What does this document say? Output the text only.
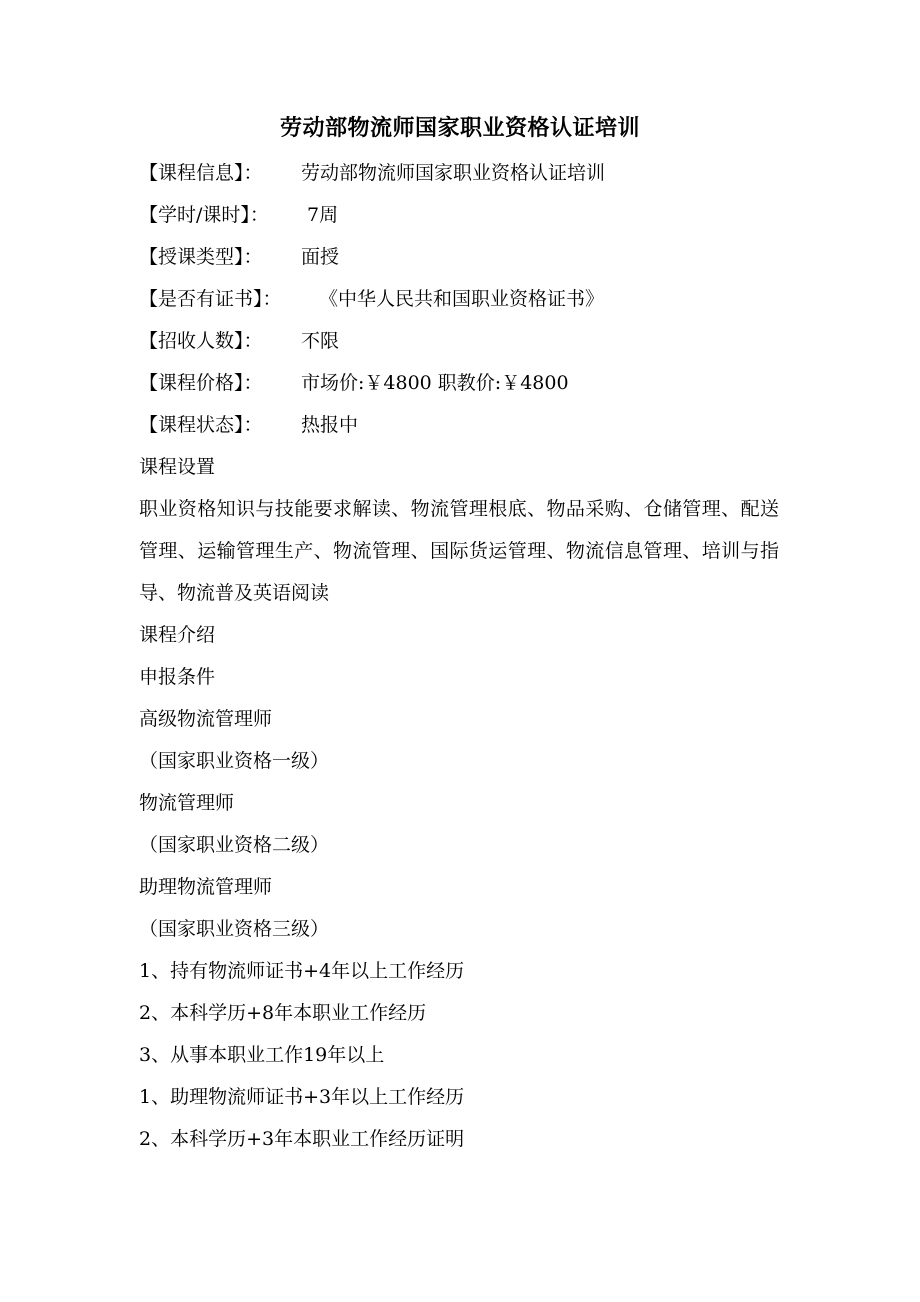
劳动部物流师国家职业资格认证培训
【课程信息】： 劳动部物流师国家职业资格认证培训
【学时/课时】： 7周
【授课类型】： 面授
【是否有证书】： 《中华人民共和国职业资格证书》
【招收人数】： 不限
【课程价格】： 市场价:￥4800 职教价:￥4800
【课程状态】： 热报中
课程设置
职业资格知识与技能要求解读、物流管理根底、物品采购、仓储管理、配送管理、运输管理生产、物流管理、国际货运管理、物流信息管理、培训与指导、物流普及英语阅读
课程介绍
申报条件
高级物流管理师
（国家职业资格一级）
物流管理师
（国家职业资格二级）
助理物流管理师
（国家职业资格三级）
1、持有物流师证书+4年以上工作经历
2、本科学历+8年本职业工作经历
3、从事本职业工作19年以上
1、助理物流师证书+3年以上工作经历
2、本科学历+3年本职业工作经历证明
